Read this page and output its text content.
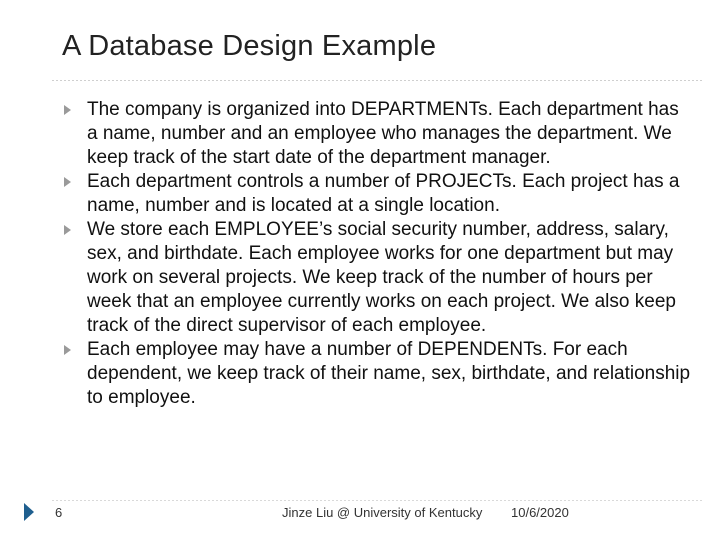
A Database Design Example
The company is organized into DEPARTMENTs. Each department has a name, number and an employee who manages the department. We keep track of the start date of the department manager.
Each department controls a number of PROJECTs. Each project has a name, number and is located at a single location.
We store each EMPLOYEE’s social security number, address, salary, sex, and birthdate. Each employee works for one department but may work on several projects. We keep track of the number of hours per week that an employee currently works on each project. We also keep track of the direct supervisor of each employee.
Each employee may have a number of DEPENDENTs. For each dependent, we keep track of their name, sex, birthdate, and relationship to employee.
6	Jinze Liu @ University of Kentucky 10/6/2020
